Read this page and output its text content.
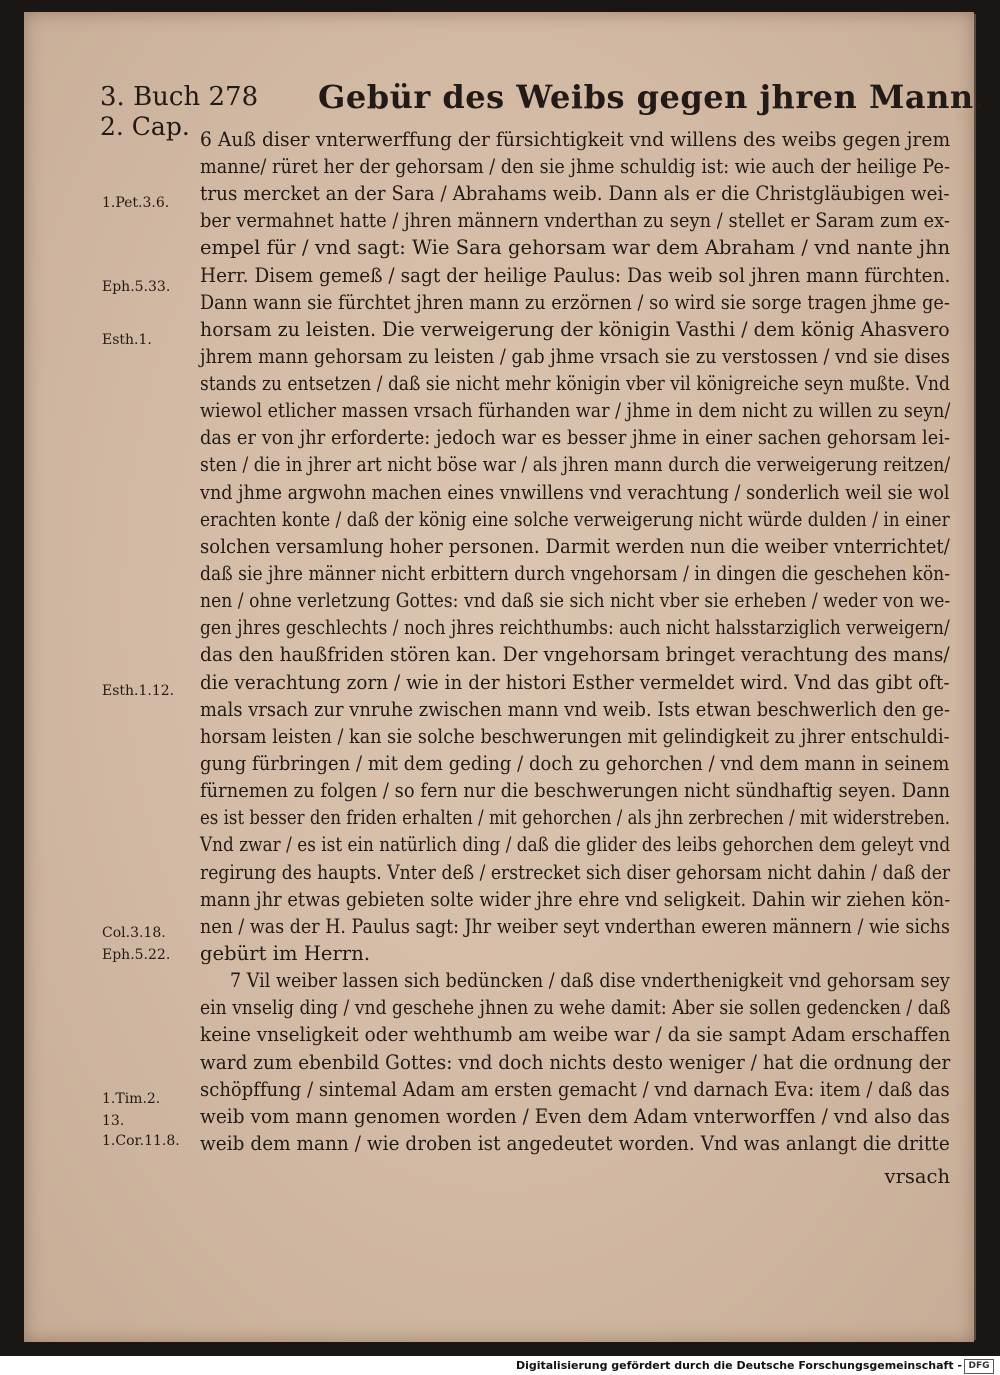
3. Buch 278
2. Cap.
Gebür des Weibs gegen jhren Mann.
1.Pet.3.6.
Eph.5.33.
Esth.1.
Esth.1.12.
Col.3.18.
Eph.5.22.
1.Tim.2.
13.
1.Cor.11.8.
6 Auß diser vnterwerffung der fürsichtigkeit vnd willens des weibs gegen jrem
manne/ rüret her der gehorsam / den sie jhme schuldig ist: wie auch der heilige Pe-
trus mercket an der Sara / Abrahams weib. Dann als er die Christgläubigen wei-
ber vermahnet hatte / jhren männern vnderthan zu seyn / stellet er Saram zum ex-
empel für / vnd sagt: Wie Sara gehorsam war dem Abraham / vnd nante jhn
Herr. Disem gemeß / sagt der heilige Paulus: Das weib sol jhren mann fürchten.
Dann wann sie fürchtet jhren mann zu erzörnen / so wird sie sorge tragen jhme ge-
horsam zu leisten. Die verweigerung der königin Vasthi / dem könig Ahasvero
jhrem mann gehorsam zu leisten / gab jhme vrsach sie zu verstossen / vnd sie dises
stands zu entsetzen / daß sie nicht mehr königin vber vil königreiche seyn mußte. Vnd
wiewol etlicher massen vrsach fürhanden war / jhme in dem nicht zu willen zu seyn/
das er von jhr erforderte: jedoch war es besser jhme in einer sachen gehorsam lei-
sten / die in jhrer art nicht böse war / als jhren mann durch die verweigerung reitzen/
vnd jhme argwohn machen eines vnwillens vnd verachtung / sonderlich weil sie wol
erachten konte / daß der könig eine solche verweigerung nicht würde dulden / in einer
solchen versamlung hoher personen. Darmit werden nun die weiber vnterrichtet/
daß sie jhre männer nicht erbittern durch vngehorsam / in dingen die geschehen kön-
nen / ohne verletzung Gottes: vnd daß sie sich nicht vber sie erheben / weder von we-
gen jhres geschlechts / noch jhres reichthumbs: auch nicht halsstarziglich verweigern/
das den haußfriden stören kan. Der vngehorsam bringet verachtung des mans/
die verachtung zorn / wie in der histori Esther vermeldet wird. Vnd das gibt oft-
mals vrsach zur vnruhe zwischen mann vnd weib. Ists etwan beschwerlich den ge-
horsam leisten / kan sie solche beschwerungen mit gelindigkeit zu jhrer entschuldi-
gung fürbringen / mit dem geding / doch zu gehorchen / vnd dem mann in seinem
fürnemen zu folgen / so fern nur die beschwerungen nicht sündhaftig seyen. Dann
es ist besser den friden erhalten / mit gehorchen / als jhn zerbrechen / mit widerstreben.
Vnd zwar / es ist ein natürlich ding / daß die glider des leibs gehorchen dem geleyt vnd
regirung des haupts. Vnter deß / erstrecket sich diser gehorsam nicht dahin / daß der
mann jhr etwas gebieten solte wider jhre ehre vnd seligkeit. Dahin wir ziehen kön-
nen / was der H. Paulus sagt: Jhr weiber seyt vnderthan eweren männern / wie sichs
gebürt im Herrn.
7 Vil weiber lassen sich bedüncken / daß dise vnderthenigkeit vnd gehorsam sey
ein vnselig ding / vnd geschehe jhnen zu wehe damit: Aber sie sollen gedencken / daß
keine vnseligkeit oder wehthumb am weibe war / da sie sampt Adam erschaffen
ward zum ebenbild Gottes: vnd doch nichts desto weniger / hat die ordnung der
schöpffung / sintemal Adam am ersten gemacht / vnd darnach Eva: item / daß das
weib vom mann genomen worden / Even dem Adam vnterworffen / vnd also das
weib dem mann / wie droben ist angedeutet worden. Vnd was anlangt die dritte
vrsach
Digitalisierung gefördert durch die Deutsche Forschungsgemeinschaft - DFG
